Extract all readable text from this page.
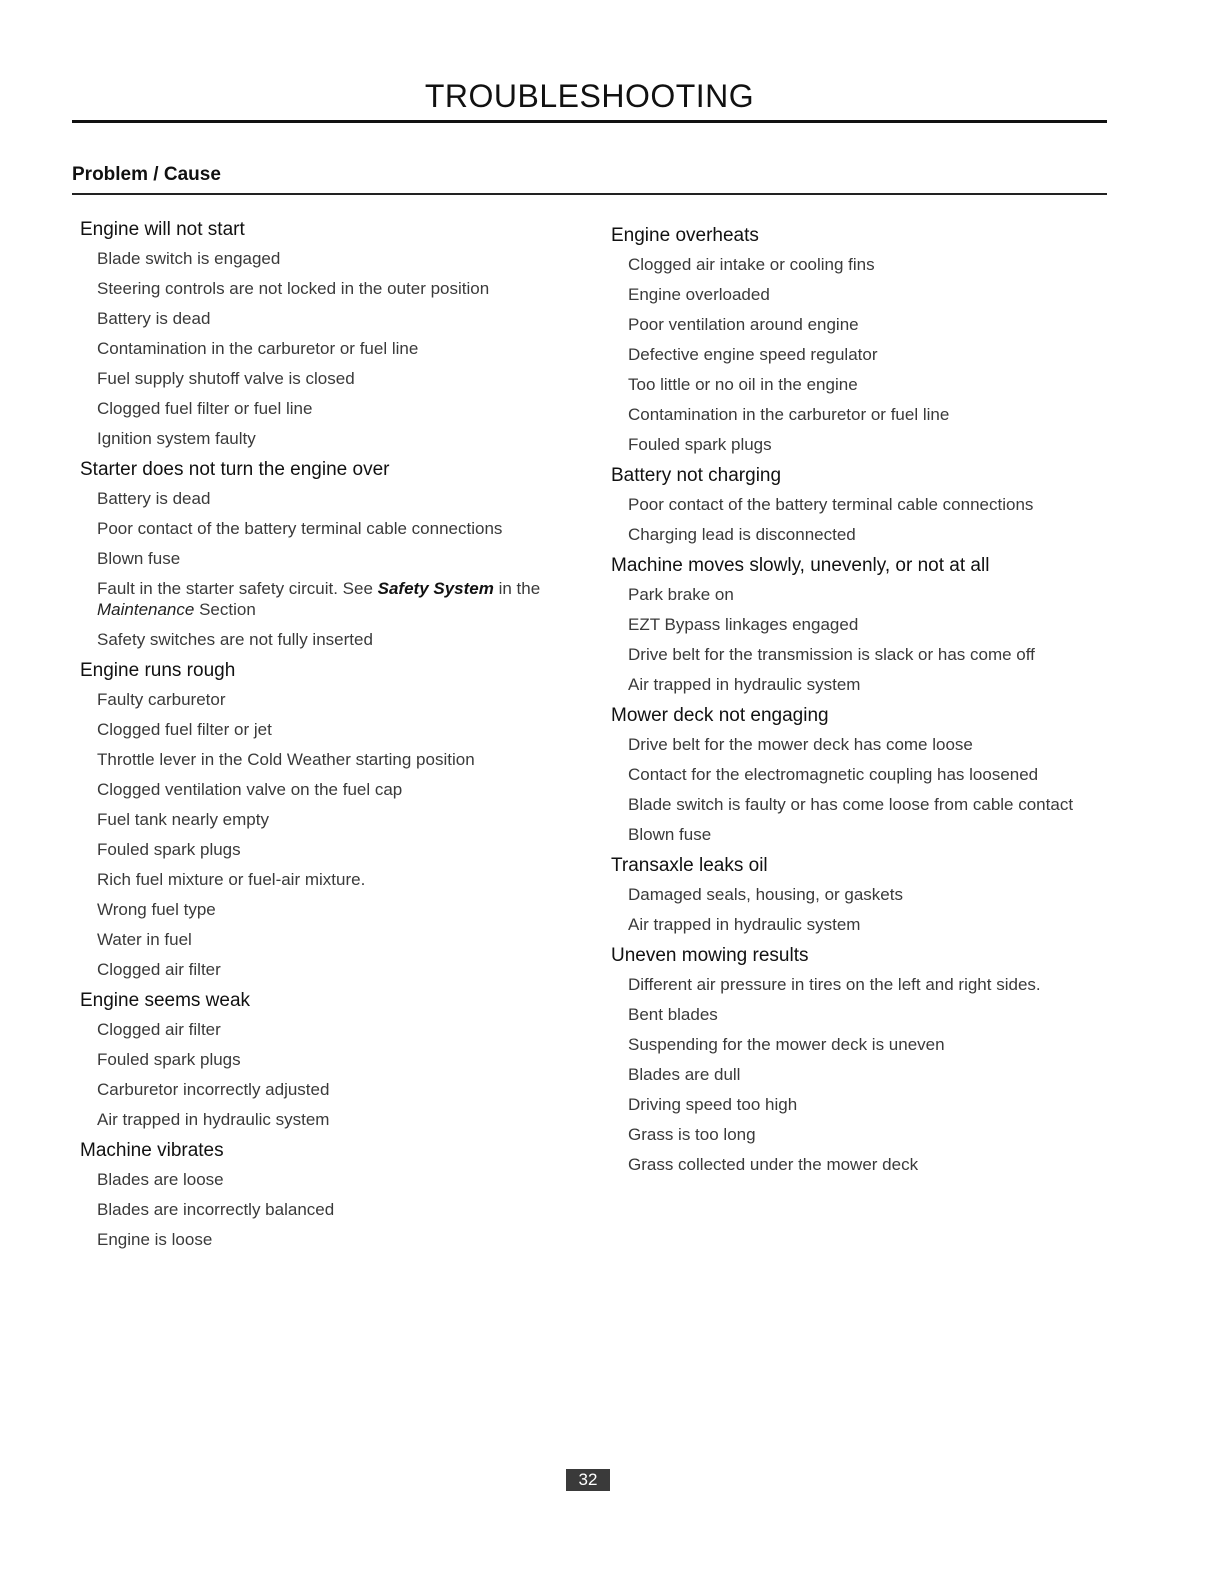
TROUBLESHOOTING
Problem / Cause
Engine will not start
Blade switch is engaged
Steering controls are not locked in the outer position
Battery is dead
Contamination in the carburetor or fuel line
Fuel supply shutoff valve is closed
Clogged fuel filter or fuel line
Ignition system faulty
Starter does not turn the engine over
Battery is dead
Poor contact of the battery terminal cable connections
Blown fuse
Fault in the starter safety circuit. See Safety System in the Maintenance Section
Safety switches are not fully inserted
Engine runs rough
Faulty carburetor
Clogged fuel filter or jet
Throttle lever in the Cold Weather starting position
Clogged ventilation valve on the fuel cap
Fuel tank nearly empty
Fouled spark plugs
Rich fuel mixture or fuel-air mixture.
Wrong fuel type
Water in fuel
Clogged air filter
Engine seems weak
Clogged air filter
Fouled spark plugs
Carburetor incorrectly adjusted
Air trapped in hydraulic system
Machine vibrates
Blades are loose
Blades are incorrectly balanced
Engine is loose
Engine overheats
Clogged air intake or cooling fins
Engine overloaded
Poor ventilation around engine
Defective engine speed regulator
Too little or no oil in the engine
Contamination in the carburetor or fuel line
Fouled spark plugs
Battery not charging
Poor contact of the battery terminal cable connections
Charging lead is disconnected
Machine moves slowly, unevenly, or not at all
Park brake on
EZT Bypass linkages engaged
Drive belt for the transmission is slack or has come off
Air trapped in hydraulic system
Mower deck not engaging
Drive belt for the mower deck has come loose
Contact for the electromagnetic coupling has loosened
Blade switch is faulty or has come loose from cable contact
Blown fuse
Transaxle leaks oil
Damaged seals, housing, or gaskets
Air trapped in hydraulic system
Uneven mowing results
Different air pressure in tires on the left and right sides.
Bent blades
Suspending for the mower deck is uneven
Blades are dull
Driving speed too high
Grass is too long
Grass collected under the mower deck
32
